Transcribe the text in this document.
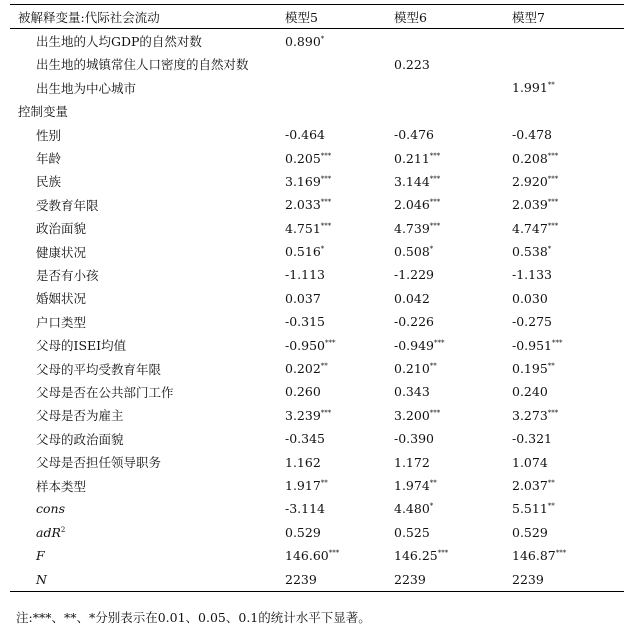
被解释变量:代际社会流动	模型5	模型6	模型7
出生地的人均GDP的自然对数	0.890*		
出生地的城镇常住人口密度的自然对数		0.223	
出生地为中心城市			1.991**
控制变量			
性别	-0.464	-0.476	-0.478
年龄	0.205***	0.211***	0.208***
民族	3.169***	3.144***	2.920***
受教育年限	2.033***	2.046***	2.039***
政治面貌	4.751***	4.739***	4.747***
健康状况	0.516*	0.508*	0.538*
是否有小孩	-1.113	-1.229	-1.133
婚姻状况	0.037	0.042	0.030
户口类型	-0.315	-0.226	-0.275
父母的ISEI均值	-0.950***	-0.949***	-0.951***
父母的平均受教育年限	0.202**	0.210**	0.195**
父母是否在公共部门工作	0.260	0.343	0.240
父母是否为雇主	3.239***	3.200***	3.273***
父母的政治面貌	-0.345	-0.390	-0.321
父母是否担任领导职务	1.162	1.172	1.074
样本类型	1.917**	1.974**	2.037**
cons	-3.114	4.480*	5.511**
adR$^2$	0.529	0.525	0.529
F	146.60***	146.25***	146.87***
N	2239	2239	2239
注:***、**、*分别表示在0.01、0.05、0.1的统计水平下显著。
